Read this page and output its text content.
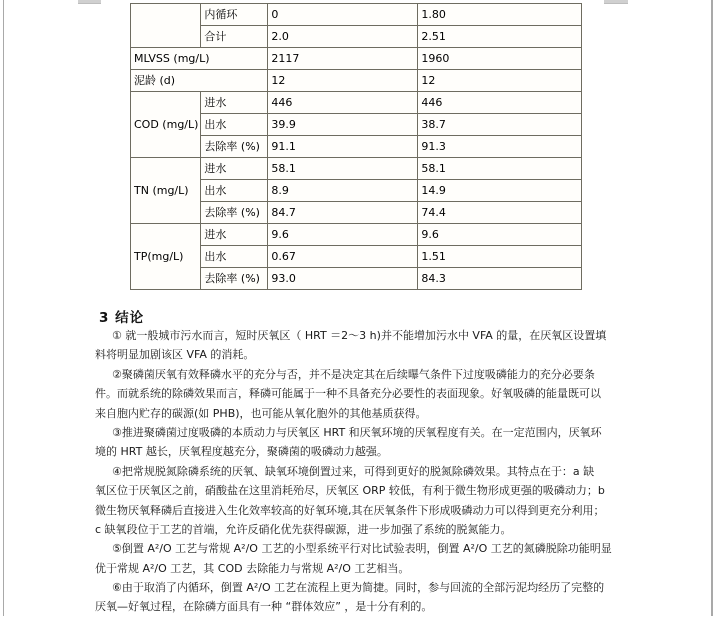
	内循环	0	1.80
	合计	2.0	2.51
MLVSS (mg/L)		2117	1960
泥龄 (d)		12	12
COD (mg/L)	进水	446	446
	出水	39.9	38.7
	去除率 (%)	91.1	91.3
TN (mg/L)	进水	58.1	58.1
	出水	8.9	14.9
	去除率 (%)	84.7	74.4
TP(mg/L)	进水	9.6	9.6
	出水	0.67	1.51
	去除率 (%)	93.0	84.3
3 结论
① 就一般城市污水而言，短时厌氧区（ HRT ＝2～3 h)并不能增加污水中 VFA 的量，在厌氧区设置填
料将明显加剧该区 VFA 的消耗。
②聚磷菌厌氧有效释磷水平的充分与否，并不是决定其在后续曝气条件下过度吸磷能力的充分必要条
件。而就系统的除磷效果而言，释磷可能属于一种不具备充分必要性的表面现象。好氧吸磷的能量既可以
来自胞内贮存的碳源(如 PHB)，也可能从氧化胞外的其他基质获得。
③推进聚磷菌过度吸磷的本质动力与厌氧区 HRT 和厌氧环境的厌氧程度有关。在一定范围内，厌氧环
境的 HRT 越长，厌氧程度越充分，聚磷菌的吸磷动力越强。
④把常规脱氮除磷系统的厌氧、缺氧环境倒置过来，可得到更好的脱氮除磷效果。其特点在于：a 缺
氧区位于厌氧区之前，硝酸盐在这里消耗殆尽，厌氧区 ORP 较低，有利于微生物形成更强的吸磷动力；b
微生物厌氧释磷后直接进入生化效率较高的好氧环境,其在厌氧条件下形成吸磷动力可以得到更充分利用；
c 缺氧段位于工艺的首端，允许反硝化优先获得碳源，进一步加强了系统的脱氮能力。
⑤倒置 A²/O 工艺与常规 A²/O 工艺的小型系统平行对比试验表明，倒置 A²/O 工艺的氮磷脱除功能明显
优于常规 A²/O 工艺，其 COD 去除能力与常规 A²/O 工艺相当。
⑥由于取消了内循环，倒置 A²/O 工艺在流程上更为简捷。同时，参与回流的全部污泥均经历了完整的
厌氧—好氧过程，在除磷方面具有一种 “群体效应” ，是十分有利的。
